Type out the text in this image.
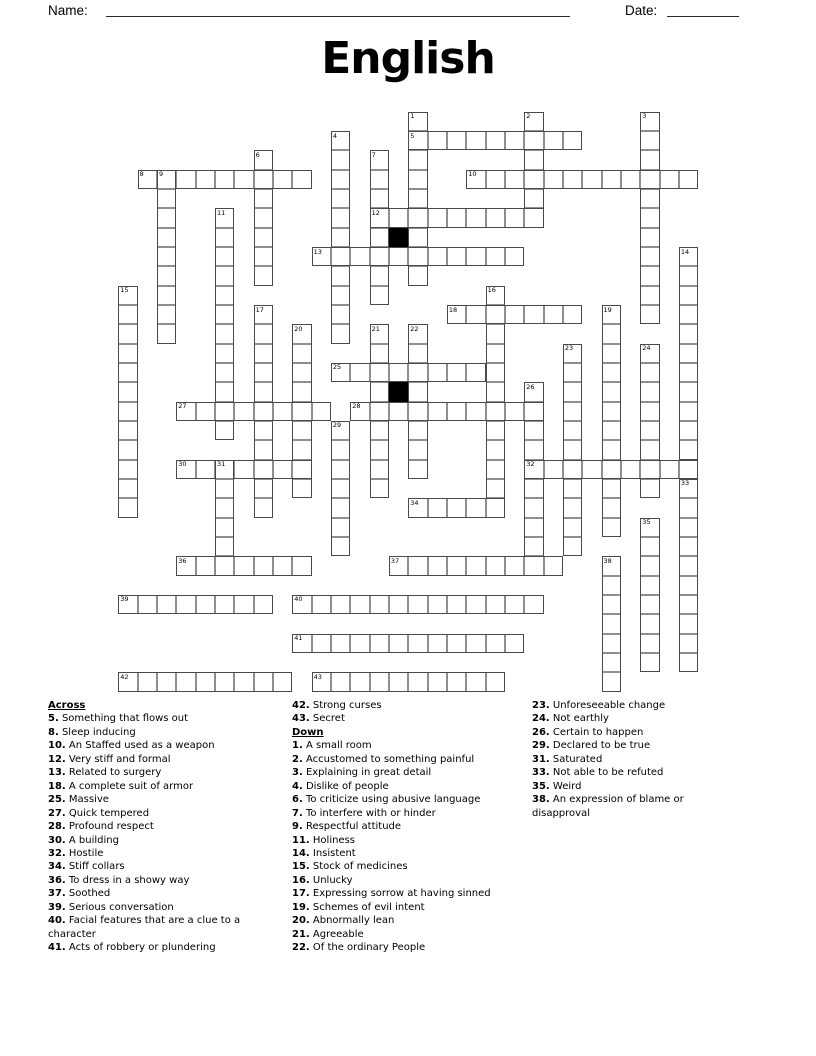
Name:	Date:
English
1	2	3
4	5
6	7
8 9	10
11	12
13	14
15	16
17	18	19
20	21	22
23	24
25
26
27	28
29
30	31	32
33
34
35
36	37	38
39	40
41
42	43
Across
5. Something that flows out
8. Sleep inducing
10. An Staffed used as a weapon
12. Very stiff and formal
13. Related to surgery
18. A complete suit of armor
25. Massive
27. Quick tempered
28. Profound respect
30. A building
32. Hostile
34. Stiff collars
36. To dress in a showy way
37. Soothed
39. Serious conversation
40. Facial features that are a clue to a character
41. Acts of robbery or plundering
42. Strong curses
43. Secret
Down
1. A small room
2. Accustomed to something painful
3. Explaining in great detail
4. Dislike of people
6. To criticize using abusive language
7. To interfere with or hinder
9. Respectful attitude
11. Holiness
14. Insistent
15. Stock of medicines
16. Unlucky
17. Expressing sorrow at having sinned
19. Schemes of evil intent
20. Abnormally lean
21. Agreeable
22. Of the ordinary People
23. Unforeseeable change
24. Not earthly
26. Certain to happen
29. Declared to be true
31. Saturated
33. Not able to be refuted
35. Weird
38. An expression of blame or disapproval
